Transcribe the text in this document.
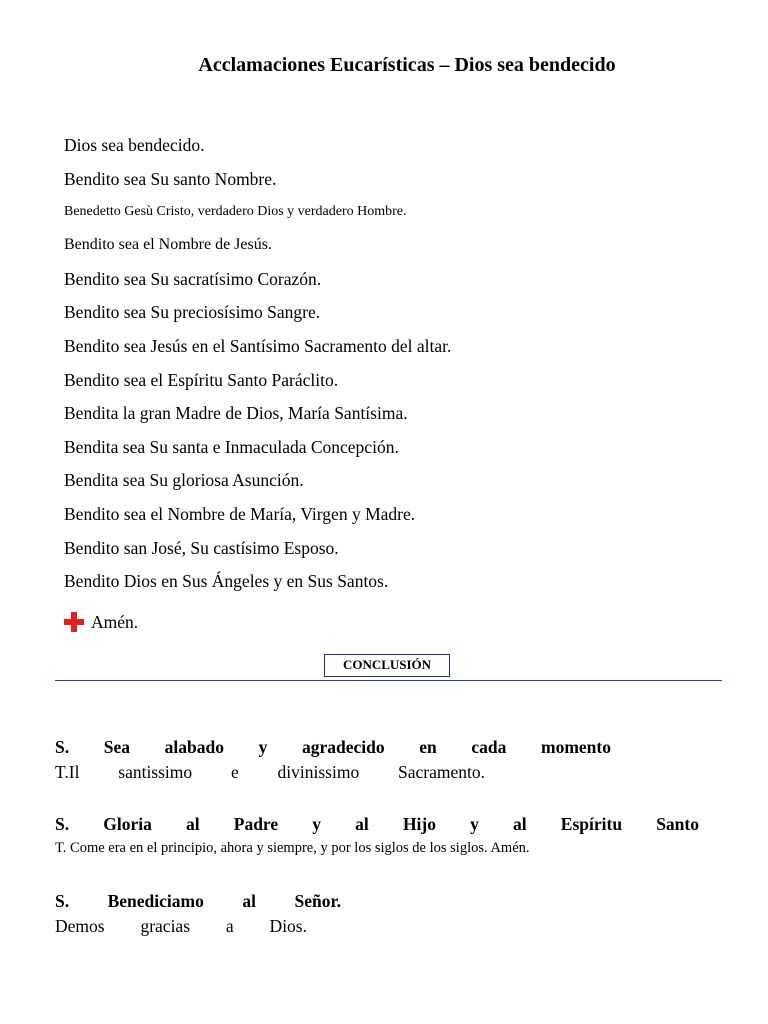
Acclamaciones Eucarísticas – Dios sea bendecido
Dios sea bendecido.
Bendito sea Su santo Nombre.
Benedetto Gesù Cristo, verdadero Dios y verdadero Hombre.
Bendito sea el Nombre de Jesús.
Bendito sea Su sacratísimo Corazón.
Bendito sea Su preciosísimo Sangre.
Bendito sea Jesús en el Santísimo Sacramento del altar.
Bendito sea el Espíritu Santo Paráclito.
Bendita la gran Madre de Dios, María Santísima.
Bendita sea Su santa e Inmaculada Concepción.
Bendita sea Su gloriosa Asunción.
Bendito sea el Nombre de María, Virgen y Madre.
Bendito san José, Su castísimo Esposo.
Bendito Dios en Sus Ángeles y en Sus Santos.
Amén.
CONCLUSIÓN
S. Sea alabado y agradecido en cada momento
T.Il santissimo e divinissimo Sacramento.
S. Gloria al Padre y al Hijo y al Espíritu Santo
T. Come era en el principio, ahora y siempre, y por los siglos de los siglos. Amén.
S. Benediciamo al Señor.
Demos gracias a Dios.
